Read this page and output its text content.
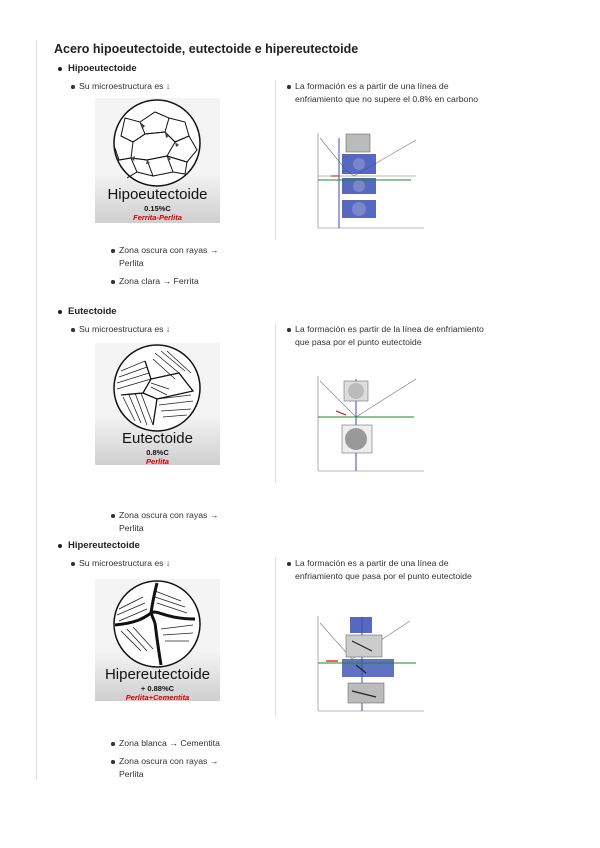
Acero hipoeutectoide, eutectoide e hipereutectoide
Hipoeutectoide
Su microestructura es ↓
Hipoeutectoide
0.15%C
Ferrita-Perlita
Zona oscura con rayas → Perlita
Zona clara → Ferrita
La formación es a partir de una línea de enfriamiento que no supere el 0.8% en carbono
Eutectoide
Su microestructura es ↓
Eutectoide
0.8%C
Perlita
Zona oscura con rayas → Perlita
La formación es partir de la línea de enfriamiento que pasa por el punto eutectoide
Hipereutectoide
Su microestructura es ↓
Hipereutectoide
+ 0.88%C
Perlita+Cementita
Zona blanca → Cementita
Zona oscura con rayas → Perlita
La formación es a partir de una línea de enfriamiento que pasa por el punto eutectoide
